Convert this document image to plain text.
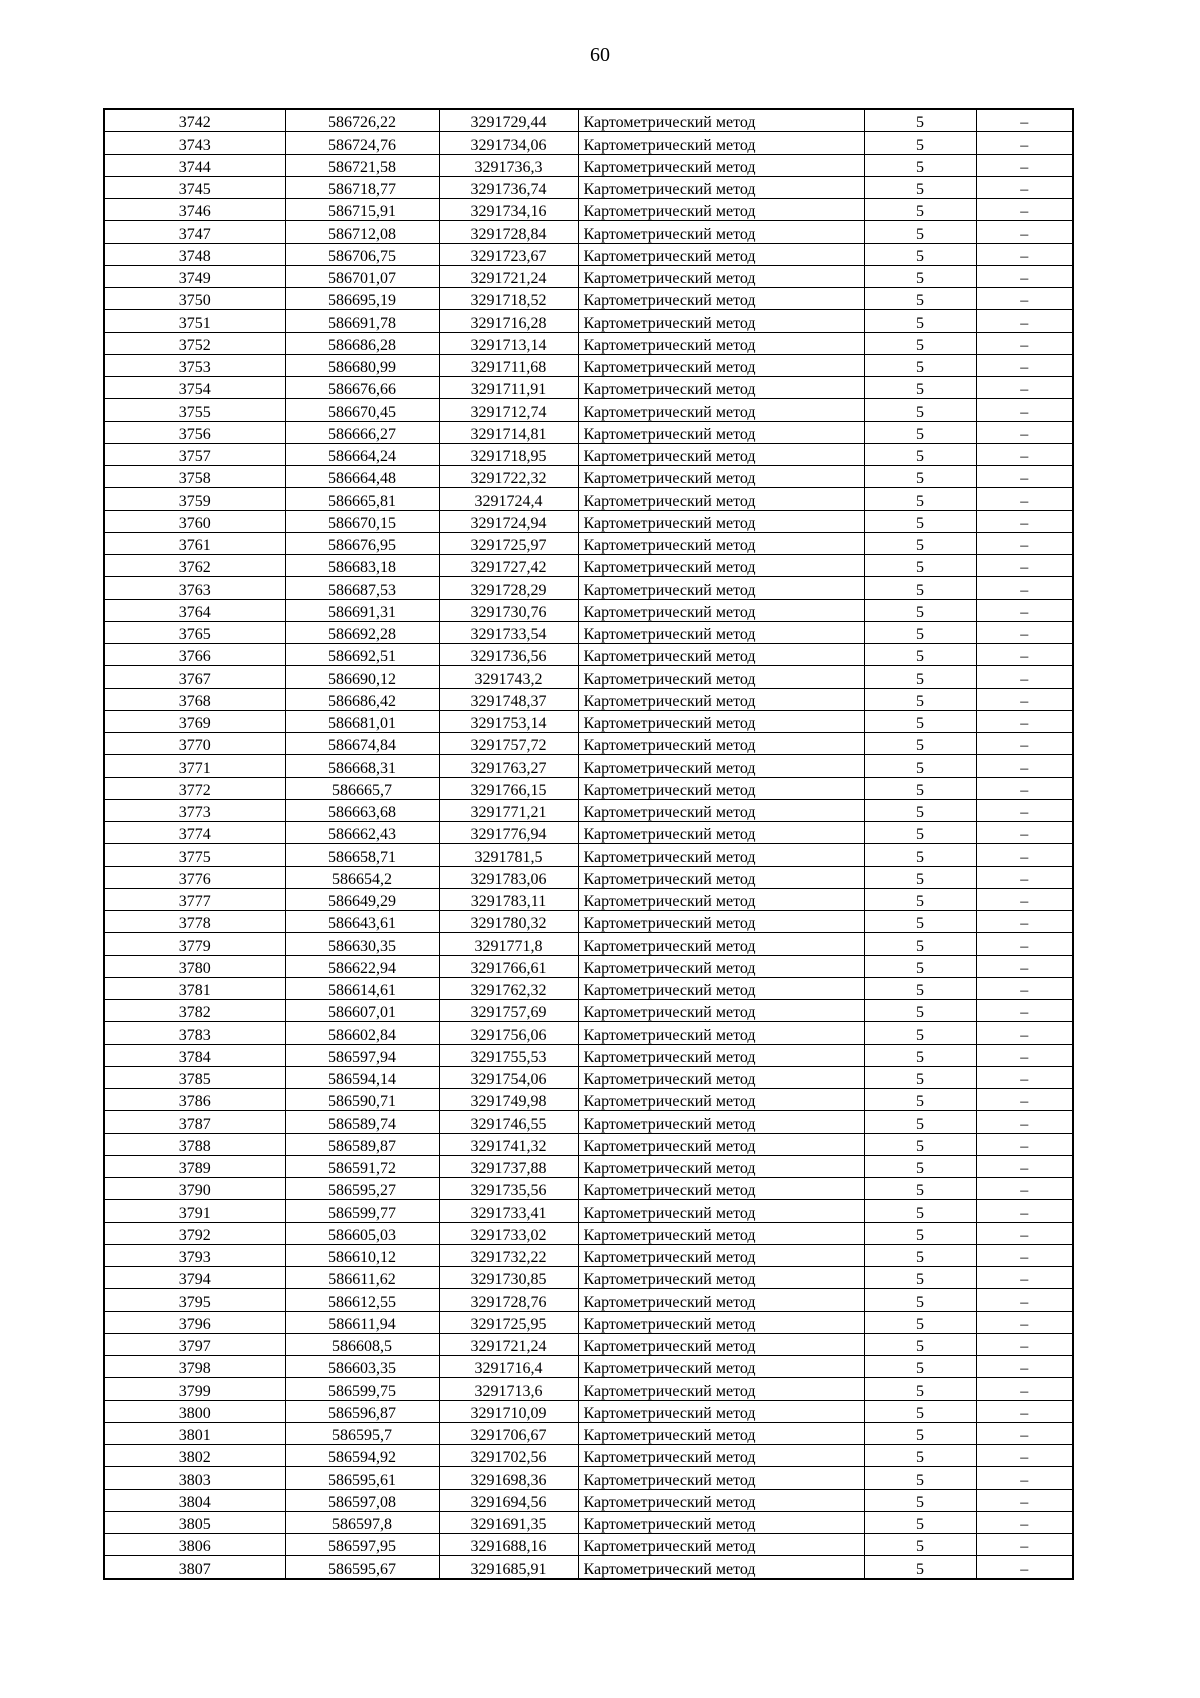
60
3742	586726,22	3291729,44	Картометрический метод	5	–
3743	586724,76	3291734,06	Картометрический метод	5	–
3744	586721,58	3291736,3	Картометрический метод	5	–
3745	586718,77	3291736,74	Картометрический метод	5	–
3746	586715,91	3291734,16	Картометрический метод	5	–
3747	586712,08	3291728,84	Картометрический метод	5	–
3748	586706,75	3291723,67	Картометрический метод	5	–
3749	586701,07	3291721,24	Картометрический метод	5	–
3750	586695,19	3291718,52	Картометрический метод	5	–
3751	586691,78	3291716,28	Картометрический метод	5	–
3752	586686,28	3291713,14	Картометрический метод	5	–
3753	586680,99	3291711,68	Картометрический метод	5	–
3754	586676,66	3291711,91	Картометрический метод	5	–
3755	586670,45	3291712,74	Картометрический метод	5	–
3756	586666,27	3291714,81	Картометрический метод	5	–
3757	586664,24	3291718,95	Картометрический метод	5	–
3758	586664,48	3291722,32	Картометрический метод	5	–
3759	586665,81	3291724,4	Картометрический метод	5	–
3760	586670,15	3291724,94	Картометрический метод	5	–
3761	586676,95	3291725,97	Картометрический метод	5	–
3762	586683,18	3291727,42	Картометрический метод	5	–
3763	586687,53	3291728,29	Картометрический метод	5	–
3764	586691,31	3291730,76	Картометрический метод	5	–
3765	586692,28	3291733,54	Картометрический метод	5	–
3766	586692,51	3291736,56	Картометрический метод	5	–
3767	586690,12	3291743,2	Картометрический метод	5	–
3768	586686,42	3291748,37	Картометрический метод	5	–
3769	586681,01	3291753,14	Картометрический метод	5	–
3770	586674,84	3291757,72	Картометрический метод	5	–
3771	586668,31	3291763,27	Картометрический метод	5	–
3772	586665,7	3291766,15	Картометрический метод	5	–
3773	586663,68	3291771,21	Картометрический метод	5	–
3774	586662,43	3291776,94	Картометрический метод	5	–
3775	586658,71	3291781,5	Картометрический метод	5	–
3776	586654,2	3291783,06	Картометрический метод	5	–
3777	586649,29	3291783,11	Картометрический метод	5	–
3778	586643,61	3291780,32	Картометрический метод	5	–
3779	586630,35	3291771,8	Картометрический метод	5	–
3780	586622,94	3291766,61	Картометрический метод	5	–
3781	586614,61	3291762,32	Картометрический метод	5	–
3782	586607,01	3291757,69	Картометрический метод	5	–
3783	586602,84	3291756,06	Картометрический метод	5	–
3784	586597,94	3291755,53	Картометрический метод	5	–
3785	586594,14	3291754,06	Картометрический метод	5	–
3786	586590,71	3291749,98	Картометрический метод	5	–
3787	586589,74	3291746,55	Картометрический метод	5	–
3788	586589,87	3291741,32	Картометрический метод	5	–
3789	586591,72	3291737,88	Картометрический метод	5	–
3790	586595,27	3291735,56	Картометрический метод	5	–
3791	586599,77	3291733,41	Картометрический метод	5	–
3792	586605,03	3291733,02	Картометрический метод	5	–
3793	586610,12	3291732,22	Картометрический метод	5	–
3794	586611,62	3291730,85	Картометрический метод	5	–
3795	586612,55	3291728,76	Картометрический метод	5	–
3796	586611,94	3291725,95	Картометрический метод	5	–
3797	586608,5	3291721,24	Картометрический метод	5	–
3798	586603,35	3291716,4	Картометрический метод	5	–
3799	586599,75	3291713,6	Картометрический метод	5	–
3800	586596,87	3291710,09	Картометрический метод	5	–
3801	586595,7	3291706,67	Картометрический метод	5	–
3802	586594,92	3291702,56	Картометрический метод	5	–
3803	586595,61	3291698,36	Картометрический метод	5	–
3804	586597,08	3291694,56	Картометрический метод	5	–
3805	586597,8	3291691,35	Картометрический метод	5	–
3806	586597,95	3291688,16	Картометрический метод	5	–
3807	586595,67	3291685,91	Картометрический метод	5	–
